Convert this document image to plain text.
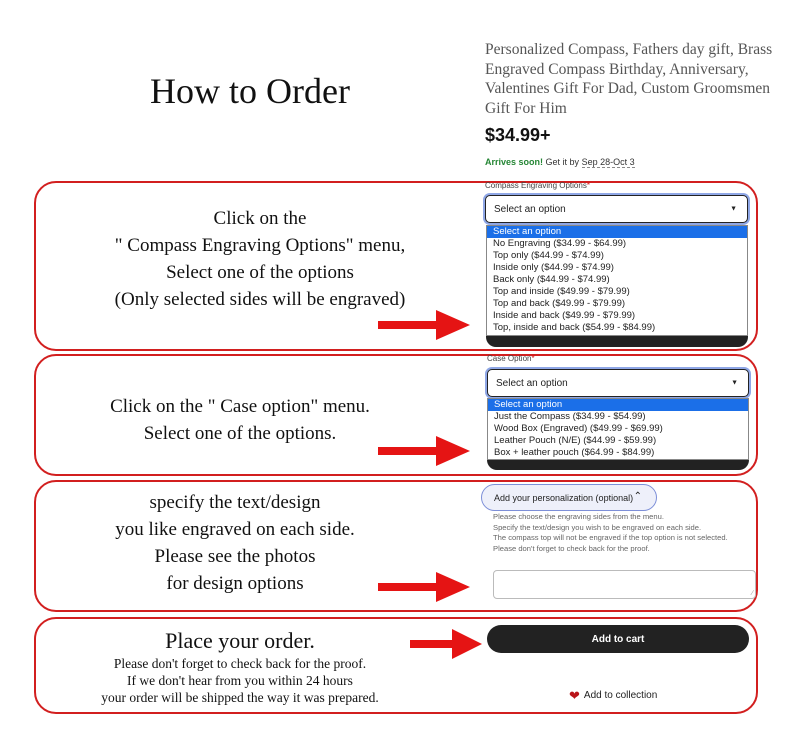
How to Order
Personalized Compass, Fathers day gift, Brass Engraved Compass Birthday, Anniversary, Valentines Gift For Dad, Custom Groomsmen Gift For Him
$34.99+
Arrives soon! Get it by Sep 28-Oct 3
Click on the
" Compass Engraving Options" menu,
Select one of the options
(Only selected sides will be engraved)
Compass Engraving Options*
Select an option	▼
Select an option
No Engraving ($34.99 - $64.99)
Top only ($44.99 - $74.99)
Inside only ($44.99 - $74.99)
Back only ($44.99 - $74.99)
Top and inside ($49.99 - $79.99)
Top and back ($49.99 - $79.99)
Inside and back ($49.99 - $79.99)
Top, inside and back ($54.99 - $84.99)
Click on the " Case option" menu.
Select one of the options.
Case Option*
Select an option	▼
Select an option
Just the Compass ($34.99 - $54.99)
Wood Box (Engraved) ($49.99 - $69.99)
Leather Pouch (N/E) ($44.99 - $59.99)
Box + leather pouch ($64.99 - $84.99)
specify the text/design
you like engraved on each side.
Please see the photos
for design options
Add your personalization (optional) ⌃
Please choose the engraving sides from the menu.
Specify the text/design you wish to be engraved on each side.
The compass top will not be engraved if the top option is not selected.
Please don't forget to check back for the proof.
∕
Place your order.
Please don't forget to check back for the proof.
If we don't hear from you within 24 hours
your order will be shipped the way it was prepared.
Add to cart
❤ Add to collection
